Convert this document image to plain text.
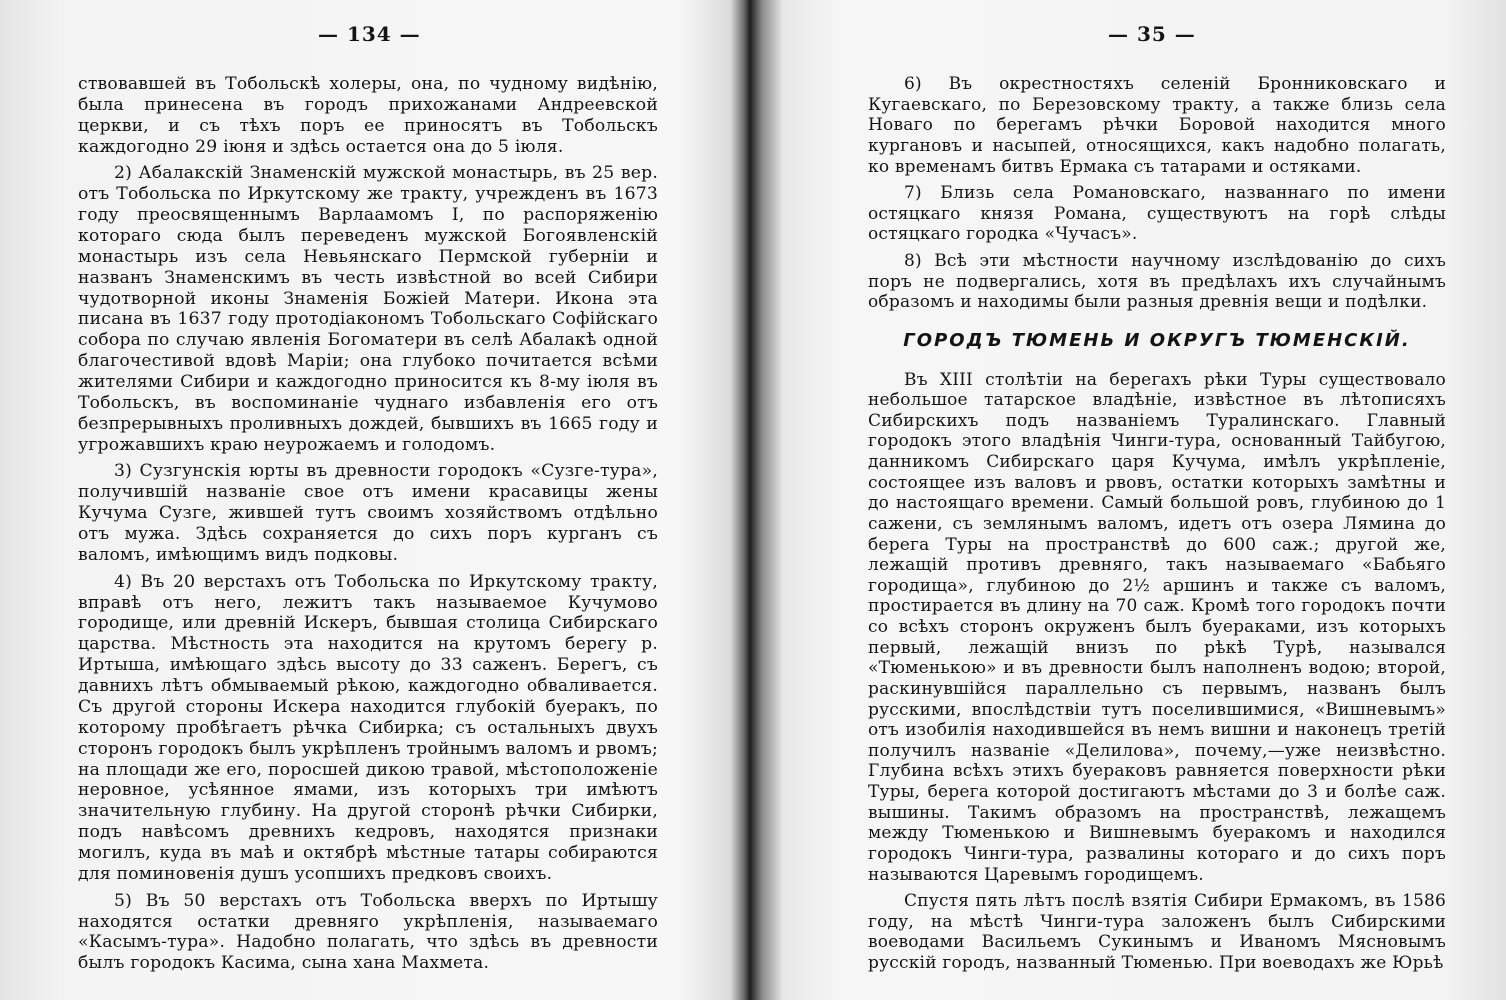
— 134 —

ствовавшей въ Тобольскѣ холеры, она, по чудному видѣнію, была принесена въ городъ прихожанами Андреевской церкви, и съ тѣхъ поръ ее приносятъ въ Тобольскъ каждогодно 29 іюня и здѣсь остается она до 5 іюля.

2) Абалакскій Знаменскій мужской монастырь, въ 25 вер. отъ Тобольска по Иркутскому же тракту, учрежденъ въ 1673 году преосвященнымъ Варлаамомъ I, по распоряженію котораго сюда былъ переведенъ мужской Богоявленскій монастырь изъ села Невьянскаго Пермской губерніи и названъ Знаменскимъ въ честь извѣстной во всей Сибири чудотворной иконы Знаменія Божіей Матери. Икона эта писана въ 1637 году протодіакономъ Тобольскаго Софійскаго собора по случаю явленія Богоматери въ селѣ Абалакѣ одной благочестивой вдовѣ Маріи; она глубоко почитается всѣми жителями Сибири и каждогодно приносится къ 8-му іюля въ Тобольскъ, въ воспоминаніе чуднаго избавленія его отъ безпрерывныхъ проливныхъ дождей, бывшихъ въ 1665 году и угрожавшихъ краю неурожаемъ и голодомъ.

3) Сузгунскія юрты въ древности городокъ «Сузге-тура», получившій названіе свое отъ имени красавицы жены Кучума Сузге, жившей тутъ своимъ хозяйствомъ отдѣльно отъ мужа. Здѣсь сохраняется до сихъ поръ курганъ съ валомъ, имѣющимъ видъ подковы.

4) Въ 20 верстахъ отъ Тобольска по Иркутскому тракту, вправѣ отъ него, лежитъ такъ называемое Кучумово городище, или древній Искеръ, бывшая столица Сибирскаго царства. Мѣстность эта находится на крутомъ берегу р. Иртыша, имѣющаго здѣсь высоту до 33 саженъ. Берегъ, съ давнихъ лѣтъ обмываемый рѣкою, каждогодно обваливается. Съ другой стороны Искера находится глубокій буеракъ, по которому пробѣгаетъ рѣчка Сибирка; съ остальныхъ двухъ сторонъ городокъ былъ укрѣпленъ тройнымъ валомъ и рвомъ; на площади же его, поросшей дикою травой, мѣстоположеніе неровное, усѣянное ямами, изъ которыхъ три имѣютъ значительную глубину. На другой сторонѣ рѣчки Сибирки, подъ навѣсомъ древнихъ кедровъ, находятся признаки могилъ, куда въ маѣ и октябрѣ мѣстные татары собираются для поминовенія душъ усопшихъ предковъ своихъ.

5) Въ 50 верстахъ отъ Тобольска вверхъ по Иртышу находятся остатки древняго укрѣпленія, называемаго «Касымъ-тура». Надобно полагать, что здѣсь въ древности былъ городокъ Касима, сына хана Махмета.

— 35 —

6) Въ окрестностяхъ селеній Бронниковскаго и Кугаевскаго, по Березовскому тракту, а также близь села Новаго по берегамъ рѣчки Боровой находится много кургановъ и насыпей, относящихся, какъ надобно полагать, ко временамъ битвъ Ермака съ татарами и остяками.

7) Близь села Романовскаго, названнаго по имени остяцкаго князя Романа, существуютъ на горѣ слѣды остяцкаго городка «Чучасъ».

8) Всѣ эти мѣстности научному изслѣдованію до сихъ поръ не подвергались, хотя въ предѣлахъ ихъ случайнымъ образомъ и находимы были разныя древнія вещи и подѣлки.

ГОРОДЪ ТЮМЕНЬ И ОКРУГЪ ТЮМЕНСКІЙ.

Въ XIII столѣтіи на берегахъ рѣки Туры существовало небольшое татарское владѣніе, извѣстное въ лѣтописяхъ Сибирскихъ подъ названіемъ Туралинскаго. Главный городокъ этого владѣнія Чинги-тура, основанный Тайбугою, данникомъ Сибирскаго царя Кучума, имѣлъ укрѣпленіе, состоящее изъ валовъ и рвовъ, остатки которыхъ замѣтны и до настоящаго времени. Самый большой ровъ, глубиною до 1 сажени, съ землянымъ валомъ, идетъ отъ озера Лямина до берега Туры на пространствѣ до 600 саж.; другой же, лежащій противъ древняго, такъ называемаго «Бабьяго городища», глубиною до 2½ аршинъ и также съ валомъ, простирается въ длину на 70 саж. Кромѣ того городокъ почти со всѣхъ сторонъ окруженъ былъ буераками, изъ которыхъ первый, лежащій внизъ по рѣкѣ Турѣ, назывался «Тюменькою» и въ древности былъ наполненъ водою; второй, раскинувшійся параллельно съ первымъ, названъ былъ русскими, впослѣдствіи тутъ поселившимися, «Вишневымъ» отъ изобилія находившейся въ немъ вишни и наконецъ третій получилъ названіе «Делилова», почему,—уже неизвѣстно. Глубина всѣхъ этихъ буераковъ равняется поверхности рѣки Туры, берега которой достигаютъ мѣстами до 3 и болѣе саж. вышины. Такимъ образомъ на пространствѣ, лежащемъ между Тюменькою и Вишневымъ буеракомъ и находился городокъ Чинги-тура, развалины котораго и до сихъ поръ называются Царевымъ городищемъ.

Спустя пять лѣтъ послѣ взятія Сибири Ермакомъ, въ 1586 году, на мѣстѣ Чинги-тура заложенъ былъ Сибирскими воеводами Васильемъ Сукинымъ и Иваномъ Мясновымъ русскій городъ, названный Тюменью. При воеводахъ же Юрьѣ
